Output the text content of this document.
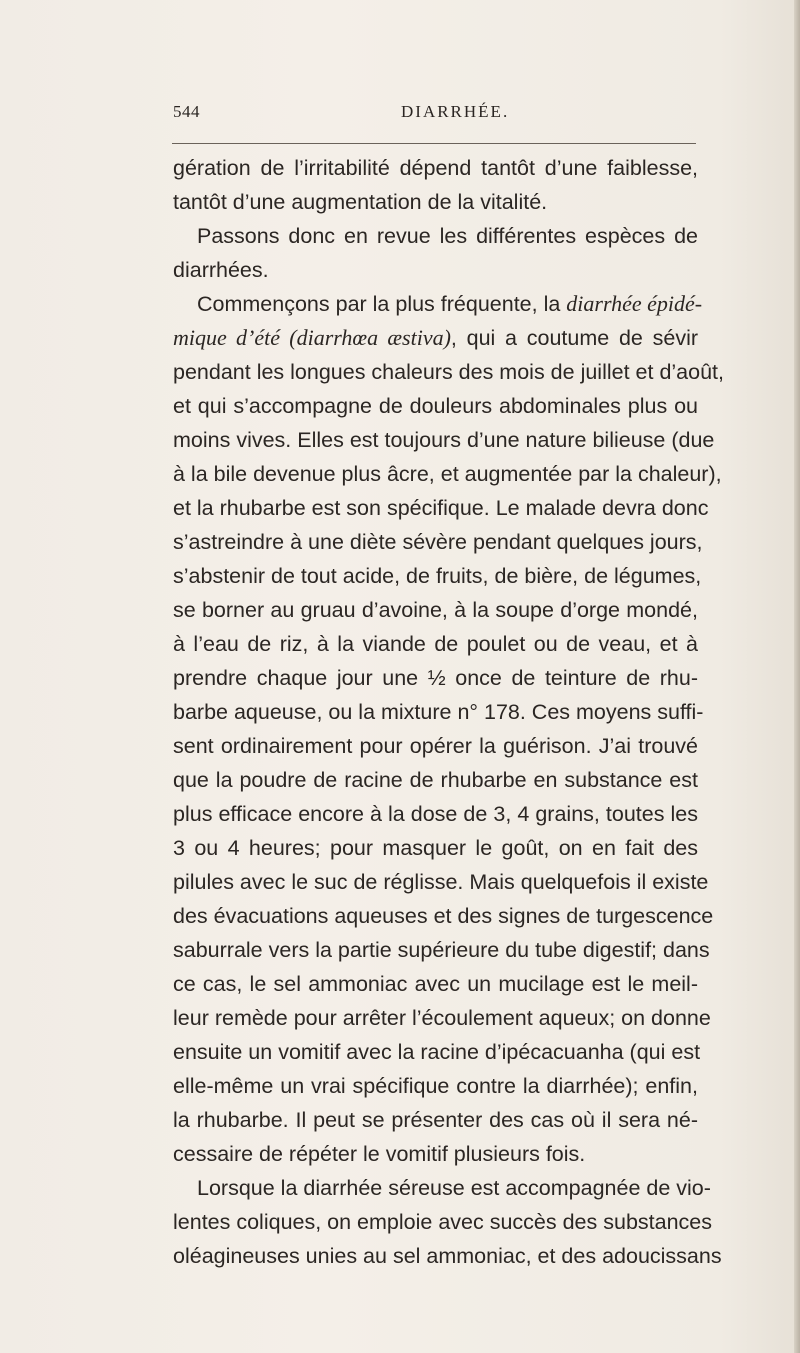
544	DIARRHÉE.
gération de l’irritabilité dépend tantôt d’une faiblesse,
tantôt d’une augmentation de la vitalité.
Passons donc en revue les différentes espèces de
diarrhées.
Commençons par la plus fréquente, la diarrhée épidé-
mique d’été (diarrhœa æstiva), qui a coutume de sévir
pendant les longues chaleurs des mois de juillet et d’août,
et qui s’accompagne de douleurs abdominales plus ou
moins vives. Elles est toujours d’une nature bilieuse (due
à la bile devenue plus âcre, et augmentée par la chaleur),
et la rhubarbe est son spécifique. Le malade devra donc
s’astreindre à une diète sévère pendant quelques jours,
s’abstenir de tout acide, de fruits, de bière, de légumes,
se borner au gruau d’avoine, à la soupe d’orge mondé,
à l’eau de riz, à la viande de poulet ou de veau, et à
prendre chaque jour une ½ once de teinture de rhu-
barbe aqueuse, ou la mixture n° 178. Ces moyens suffi-
sent ordinairement pour opérer la guérison. J’ai trouvé
que la poudre de racine de rhubarbe en substance est
plus efficace encore à la dose de 3, 4 grains, toutes les
3 ou 4 heures; pour masquer le goût, on en fait des
pilules avec le suc de réglisse. Mais quelquefois il existe
des évacuations aqueuses et des signes de turgescence
saburrale vers la partie supérieure du tube digestif; dans
ce cas, le sel ammoniac avec un mucilage est le meil-
leur remède pour arrêter l’écoulement aqueux; on donne
ensuite un vomitif avec la racine d’ipécacuanha (qui est
elle-même un vrai spécifique contre la diarrhée); enfin,
la rhubarbe. Il peut se présenter des cas où il sera né-
cessaire de répéter le vomitif plusieurs fois.
Lorsque la diarrhée séreuse est accompagnée de vio-
lentes coliques, on emploie avec succès des substances
oléagineuses unies au sel ammoniac, et des adoucissans
